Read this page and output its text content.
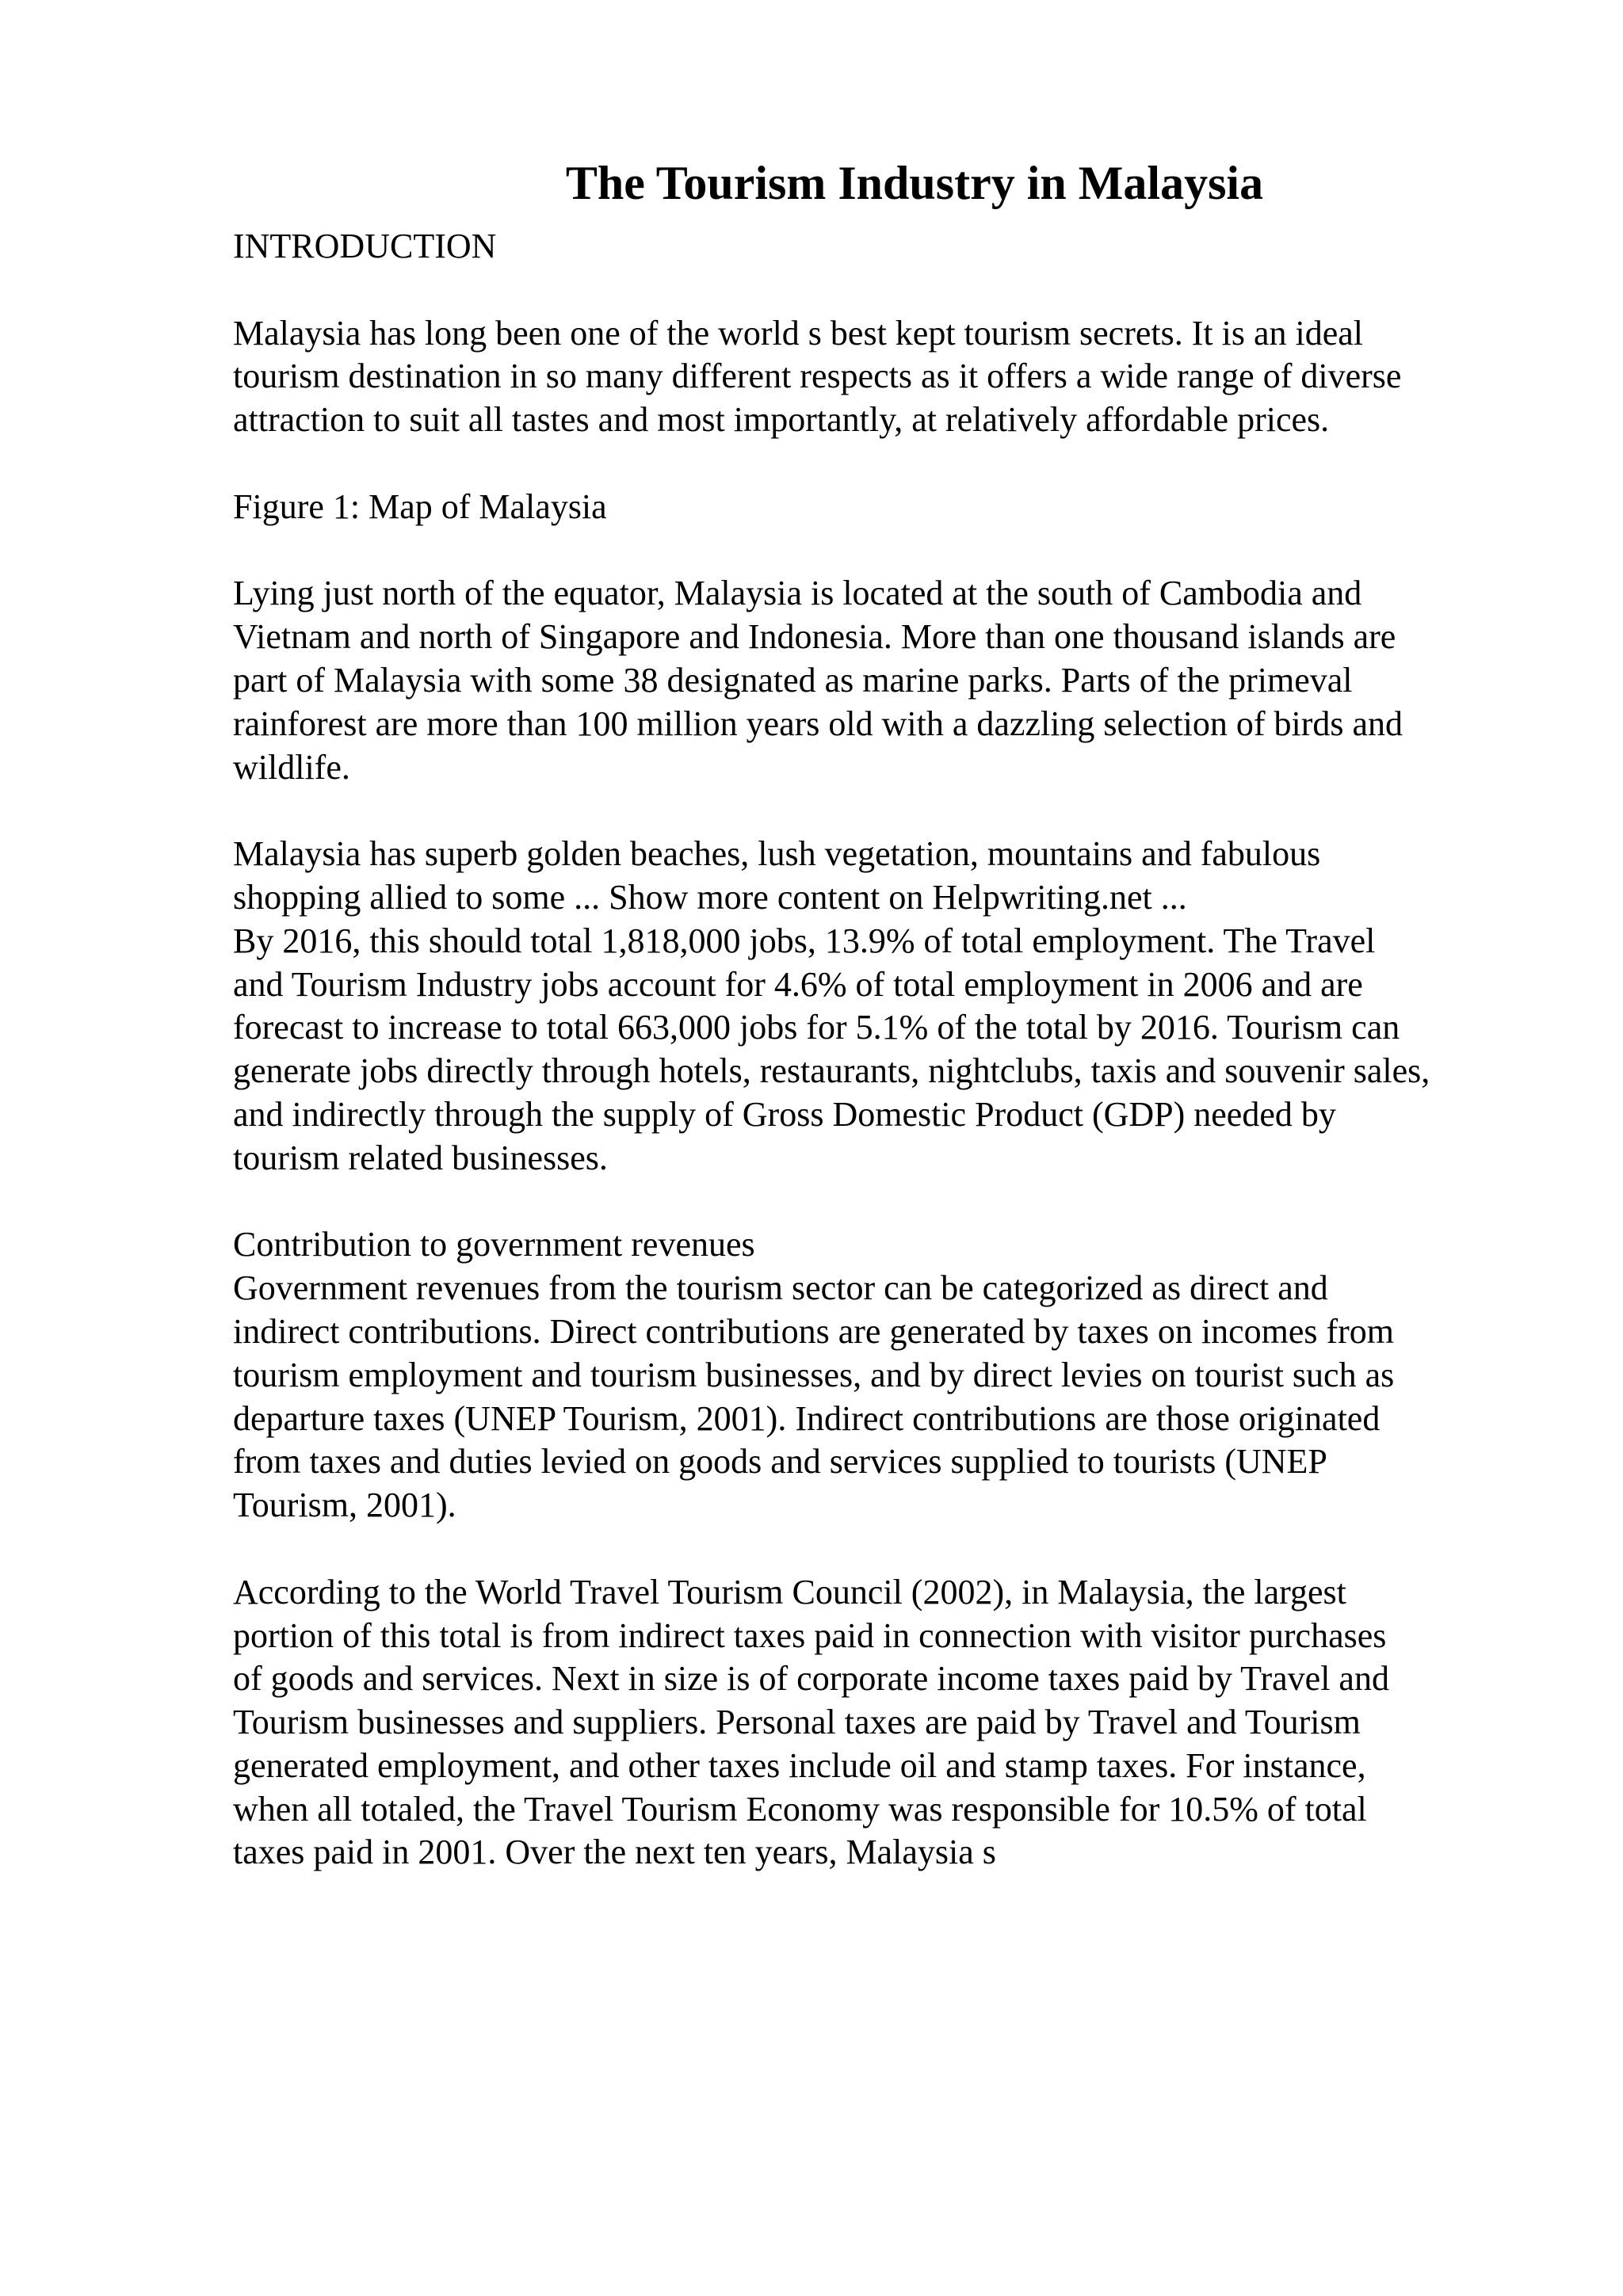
The Tourism Industry in Malaysia

INTRODUCTION

Malaysia has long been one of the world s best kept tourism secrets. It is an ideal
tourism destination in so many different respects as it offers a wide range of diverse
attraction to suit all tastes and most importantly, at relatively affordable prices.

Figure 1: Map of Malaysia

Lying just north of the equator, Malaysia is located at the south of Cambodia and
Vietnam and north of Singapore and Indonesia. More than one thousand islands are
part of Malaysia with some 38 designated as marine parks. Parts of the primeval
rainforest are more than 100 million years old with a dazzling selection of birds and
wildlife.

Malaysia has superb golden beaches, lush vegetation, mountains and fabulous
shopping allied to some ... Show more content on Helpwriting.net ...
By 2016, this should total 1,818,000 jobs, 13.9% of total employment. The Travel
and Tourism Industry jobs account for 4.6% of total employment in 2006 and are
forecast to increase to total 663,000 jobs for 5.1% of the total by 2016. Tourism can
generate jobs directly through hotels, restaurants, nightclubs, taxis and souvenir sales,
and indirectly through the supply of Gross Domestic Product (GDP) needed by
tourism related businesses.

Contribution to government revenues
Government revenues from the tourism sector can be categorized as direct and
indirect contributions. Direct contributions are generated by taxes on incomes from
tourism employment and tourism businesses, and by direct levies on tourist such as
departure taxes (UNEP Tourism, 2001). Indirect contributions are those originated
from taxes and duties levied on goods and services supplied to tourists (UNEP
Tourism, 2001).

According to the World Travel Tourism Council (2002), in Malaysia, the largest
portion of this total is from indirect taxes paid in connection with visitor purchases
of goods and services. Next in size is of corporate income taxes paid by Travel and
Tourism businesses and suppliers. Personal taxes are paid by Travel and Tourism
generated employment, and other taxes include oil and stamp taxes. For instance,
when all totaled, the Travel Tourism Economy was responsible for 10.5% of total
taxes paid in 2001. Over the next ten years, Malaysia s
